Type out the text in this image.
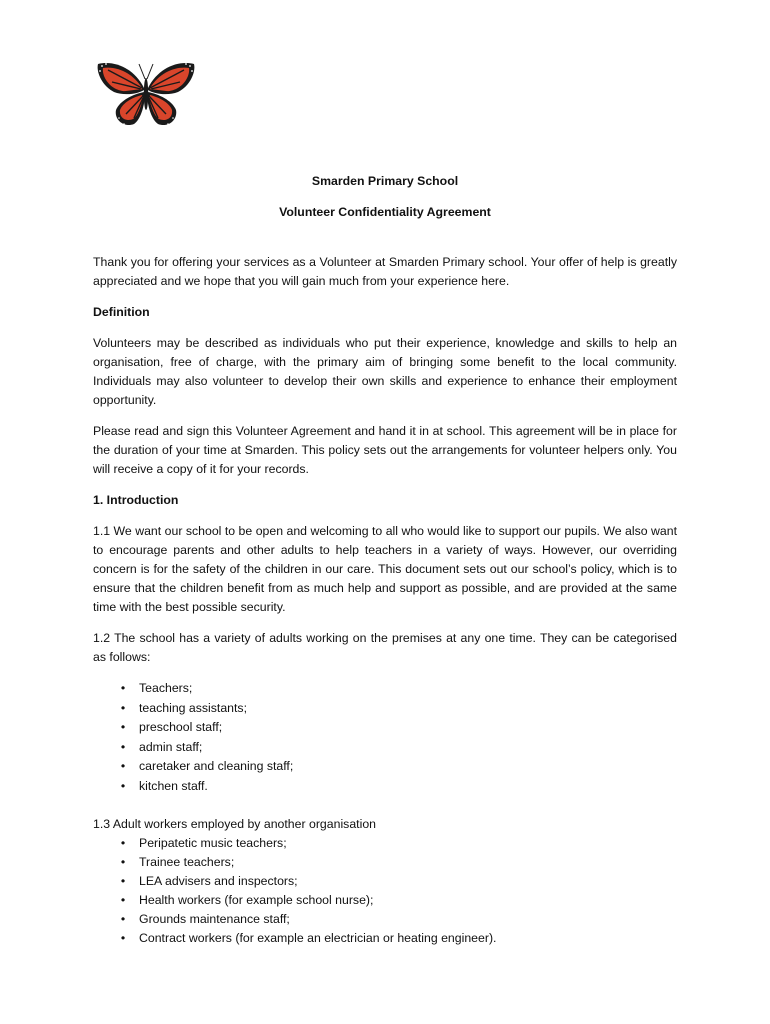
Smarden Primary School

Volunteer Confidentiality Agreement

Thank you for offering your services as a Volunteer at Smarden Primary school. Your offer of help is greatly appreciated and we hope that you will gain much from your experience here.

Definition

Volunteers may be described as individuals who put their experience, knowledge and skills to help an organisation, free of charge, with the primary aim of bringing some benefit to the local community. Individuals may also volunteer to develop their own skills and experience to enhance their employment opportunity.

Please read and sign this Volunteer Agreement and hand it in at school. This agreement will be in place for the duration of your time at Smarden. This policy sets out the arrangements for volunteer helpers only. You will receive a copy of it for your records.

1. Introduction

1.1 We want our school to be open and welcoming to all who would like to support our pupils. We also want to encourage parents and other adults to help teachers in a variety of ways. However, our overriding concern is for the safety of the children in our care. This document sets out our school’s policy, which is to ensure that the children benefit from as much help and support as possible, and are provided at the same time with the best possible security.

1.2 The school has a variety of adults working on the premises at any one time. They can be categorised as follows:

•	Teachers;
•	teaching assistants;
•	preschool staff;
•	admin staff;
•	caretaker and cleaning staff;
•	kitchen staff.

1.3 Adult workers employed by another organisation

•	Peripatetic music teachers;
•	Trainee teachers;
•	LEA advisers and inspectors;
•	Health workers (for example school nurse);
•	Grounds maintenance staff;
•	Contract workers (for example an electrician or heating engineer).
